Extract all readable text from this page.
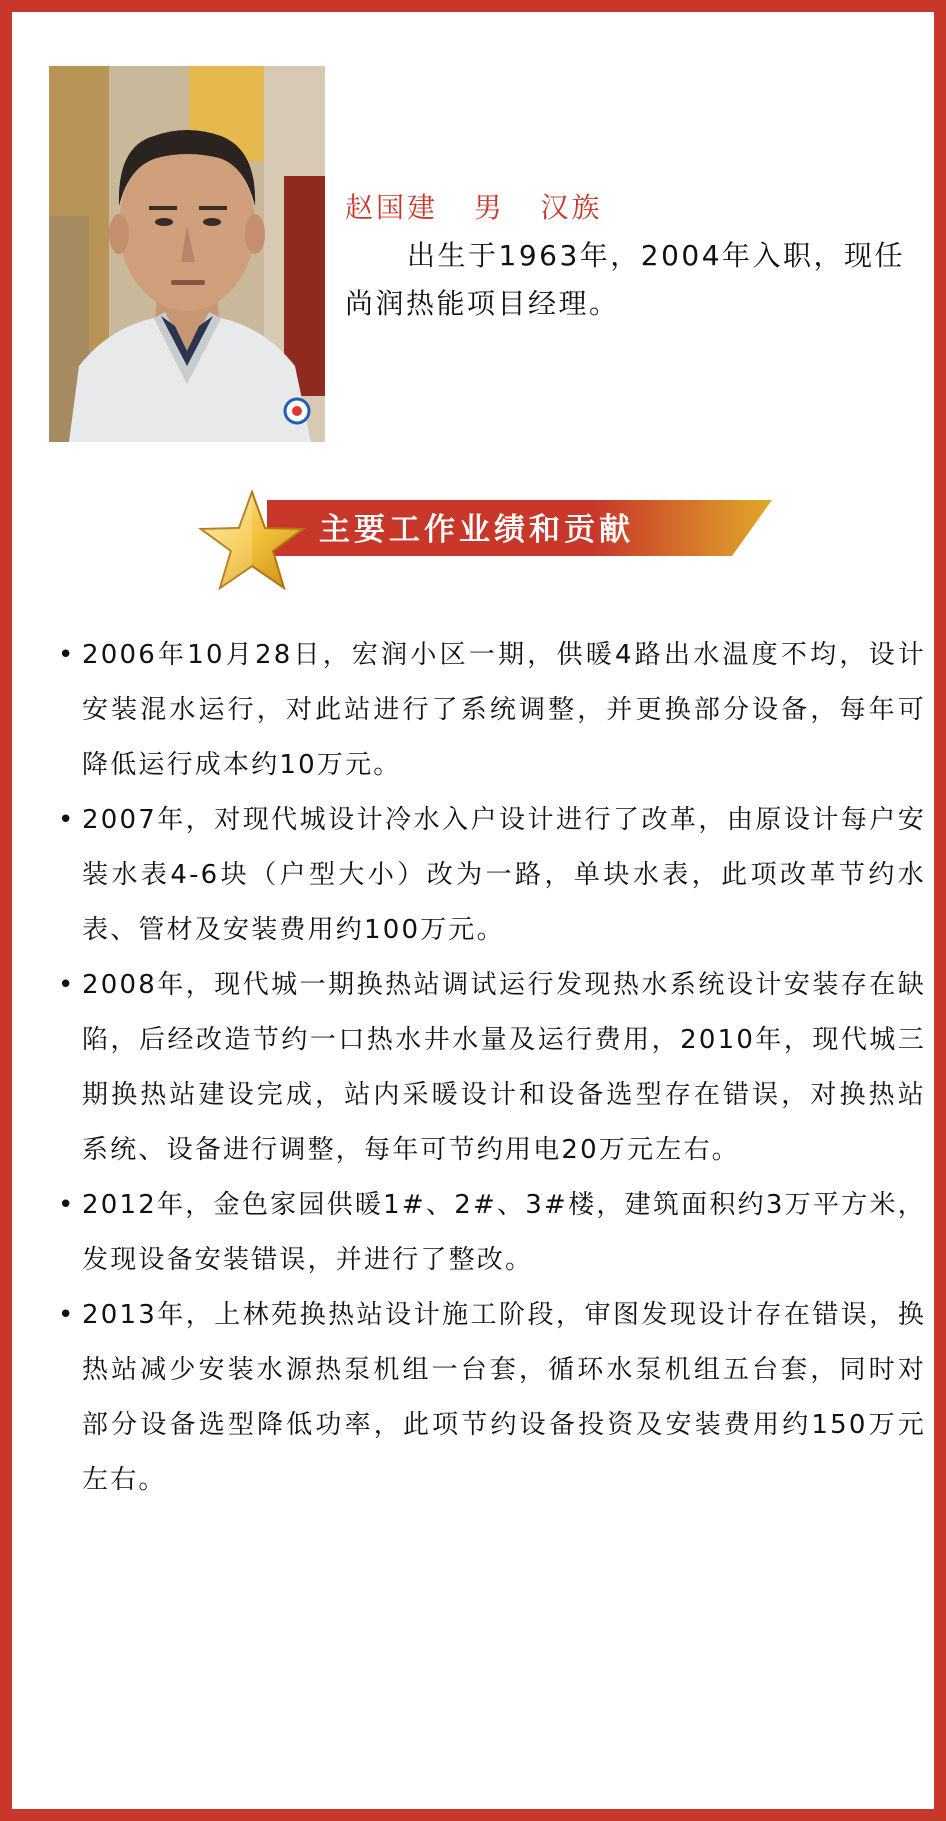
赵国建 男 汉族
出生于1963年，2004年入职，现任尚润热能项目经理。
主要工作业绩和贡献
• 2006年10月28日，宏润小区一期，供暖4路出水温度不均，设计安装混水运行，对此站进行了系统调整，并更换部分设备，每年可降低运行成本约10万元。
• 2007年，对现代城设计冷水入户设计进行了改革，由原设计每户安装水表4-6块（户型大小）改为一路，单块水表，此项改革节约水表、管材及安装费用约100万元。
• 2008年，现代城一期换热站调试运行发现热水系统设计安装存在缺陷，后经改造节约一口热水井水量及运行费用，2010年，现代城三期换热站建设完成，站内采暖设计和设备选型存在错误，对换热站系统、设备进行调整，每年可节约用电20万元左右。
• 2012年，金色家园供暖1#、2#、3#楼，建筑面积约3万平方米，发现设备安装错误，并进行了整改。
• 2013年，上林苑换热站设计施工阶段，审图发现设计存在错误，换热站减少安装水源热泵机组一台套，循环水泵机组五台套，同时对部分设备选型降低功率，此项节约设备投资及安装费用约150万元左右。
